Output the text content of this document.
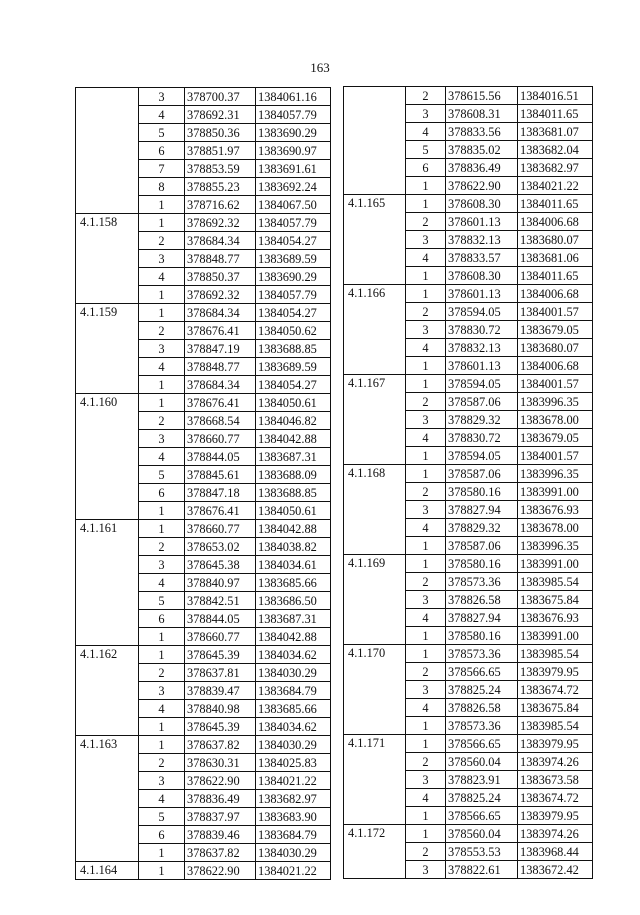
163
	3	378700.37	1384061.16
	4	378692.31	1384057.79
	5	378850.36	1383690.29
	6	378851.97	1383690.97
	7	378853.59	1383691.61
	8	378855.23	1383692.24
	1	378716.62	1384067.50
4.1.158	1	378692.32	1384057.79
	2	378684.34	1384054.27
	3	378848.77	1383689.59
	4	378850.37	1383690.29
	1	378692.32	1384057.79
4.1.159	1	378684.34	1384054.27
	2	378676.41	1384050.62
	3	378847.19	1383688.85
	4	378848.77	1383689.59
	1	378684.34	1384054.27
4.1.160	1	378676.41	1384050.61
	2	378668.54	1384046.82
	3	378660.77	1384042.88
	4	378844.05	1383687.31
	5	378845.61	1383688.09
	6	378847.18	1383688.85
	1	378676.41	1384050.61
4.1.161	1	378660.77	1384042.88
	2	378653.02	1384038.82
	3	378645.38	1384034.61
	4	378840.97	1383685.66
	5	378842.51	1383686.50
	6	378844.05	1383687.31
	1	378660.77	1384042.88
4.1.162	1	378645.39	1384034.62
	2	378637.81	1384030.29
	3	378839.47	1383684.79
	4	378840.98	1383685.66
	1	378645.39	1384034.62
4.1.163	1	378637.82	1384030.29
	2	378630.31	1384025.83
	3	378622.90	1384021.22
	4	378836.49	1383682.97
	5	378837.97	1383683.90
	6	378839.46	1383684.79
	1	378637.82	1384030.29
4.1.164	1	378622.90	1384021.22
	2	378615.56	1384016.51
	3	378608.31	1384011.65
	4	378833.56	1383681.07
	5	378835.02	1383682.04
	6	378836.49	1383682.97
	1	378622.90	1384021.22
4.1.165	1	378608.30	1384011.65
	2	378601.13	1384006.68
	3	378832.13	1383680.07
	4	378833.57	1383681.06
	1	378608.30	1384011.65
4.1.166	1	378601.13	1384006.68
	2	378594.05	1384001.57
	3	378830.72	1383679.05
	4	378832.13	1383680.07
	1	378601.13	1384006.68
4.1.167	1	378594.05	1384001.57
	2	378587.06	1383996.35
	3	378829.32	1383678.00
	4	378830.72	1383679.05
	1	378594.05	1384001.57
4.1.168	1	378587.06	1383996.35
	2	378580.16	1383991.00
	3	378827.94	1383676.93
	4	378829.32	1383678.00
	1	378587.06	1383996.35
4.1.169	1	378580.16	1383991.00
	2	378573.36	1383985.54
	3	378826.58	1383675.84
	4	378827.94	1383676.93
	1	378580.16	1383991.00
4.1.170	1	378573.36	1383985.54
	2	378566.65	1383979.95
	3	378825.24	1383674.72
	4	378826.58	1383675.84
	1	378573.36	1383985.54
4.1.171	1	378566.65	1383979.95
	2	378560.04	1383974.26
	3	378823.91	1383673.58
	4	378825.24	1383674.72
	1	378566.65	1383979.95
4.1.172	1	378560.04	1383974.26
	2	378553.53	1383968.44
	3	378822.61	1383672.42
